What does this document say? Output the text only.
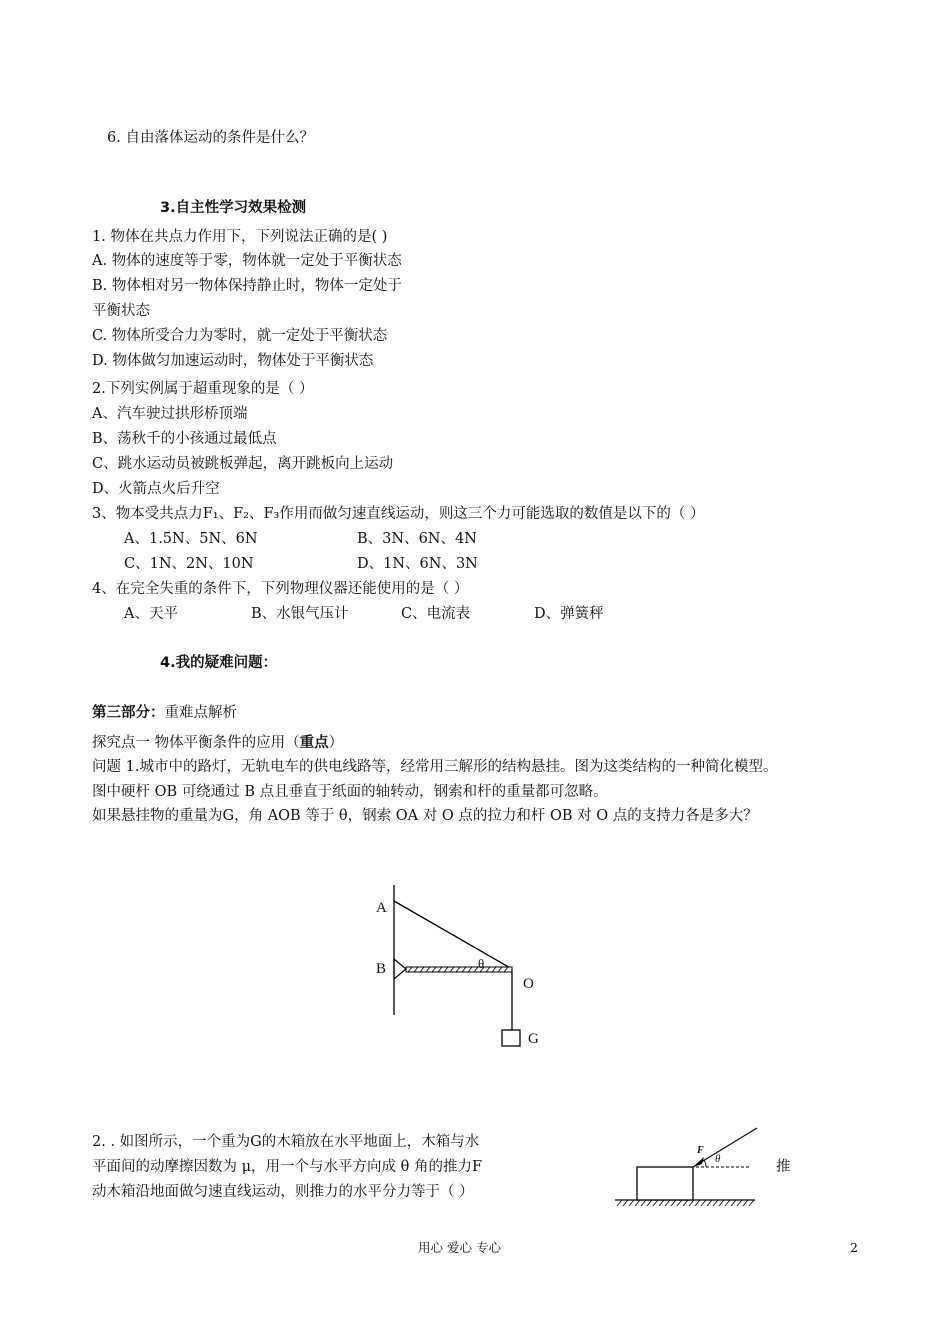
6. 自由落体运动的条件是什么？
3.自主性学习效果检测
1. 物体在共点力作用下，下列说法正确的是( )
A. 物体的速度等于零，物体就一定处于平衡状态
B. 物体相对另一物体保持静止时，物体一定处于
平衡状态
C. 物体所受合力为零时，就一定处于平衡状态
D. 物体做匀加速运动时，物体处于平衡状态
2.下列实例属于超重现象的是（ ）
A、汽车驶过拱形桥顶端
B、荡秋千的小孩通过最低点
C、跳水运动员被跳板弹起，离开跳板向上运动
D、火箭点火后升空
3、物本受共点力F₁、F₂、F₃作用而做匀速直线运动，则这三个力可能选取的数值是以下的（ ）
A、1.5N、5N、6N	B、3N、6N、4N
C、1N、2N、10N	D、1N、6N、3N
4、在完全失重的条件下，下列物理仪器还能使用的是（ ）
A、天平	B、水银气压计	C、电流表	D、弹簧秤
4.我的疑难问题：
第三部分：重难点解析
探究点一 物体平衡条件的应用（重点）
问题 1.城市中的路灯，无轨电车的供电线路等，经常用三解形的结构悬挂。图为这类结构的一种简化模型。
图中硬杆 OB 可绕通过 B 点且垂直于纸面的轴转动，钢索和杆的重量都可忽略。
如果悬挂物的重量为G，角 AOB 等于 θ，钢索 OA 对 O 点的拉力和杆 OB 对 O 点的支持力各是多大？
A
B	θ
O
G
2. . 如图所示，一个重为G的木箱放在水平地面上，木箱与水
平面间的动摩擦因数为 μ，用一个与水平方向成 θ 角的推力F
动木箱沿地面做匀速直线运动，则推力的水平分力等于（ ）
F
θ	推
用心 爱心 专心	2
